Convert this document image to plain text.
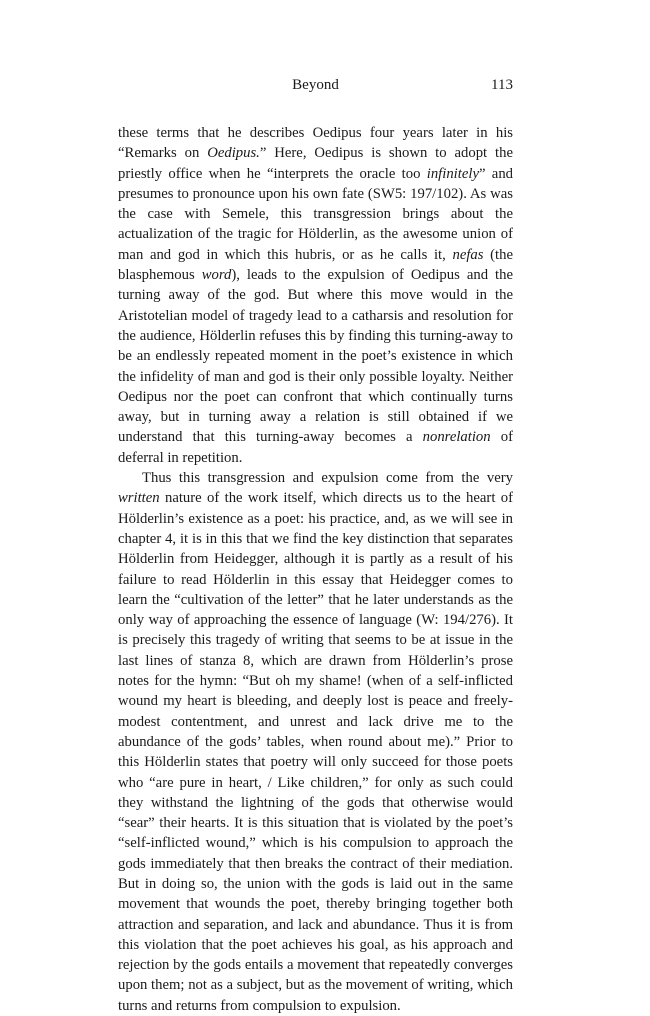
Beyond	113

these terms that he describes Oedipus four years later in his “Remarks on Oedipus.” Here, Oedipus is shown to adopt the priestly office when he “interprets the oracle too infinitely” and presumes to pronounce upon his own fate (SW5: 197/102). As was the case with Semele, this transgression brings about the actualization of the tragic for Hölderlin, as the awesome union of man and god in which this hubris, or as he calls it, nefas (the blasphemous word), leads to the expulsion of Oedipus and the turning away of the god. But where this move would in the Aristotelian model of tragedy lead to a catharsis and resolution for the audience, Hölderlin refuses this by finding this turning-away to be an endlessly repeated moment in the poet’s existence in which the infidelity of man and god is their only possible loyalty. Neither Oedipus nor the poet can confront that which continually turns away, but in turning away a relation is still obtained if we understand that this turning-away becomes a nonrelation of deferral in repetition.

Thus this transgression and expulsion come from the very written nature of the work itself, which directs us to the heart of Hölderlin’s existence as a poet: his practice, and, as we will see in chapter 4, it is in this that we find the key distinction that separates Hölderlin from Heidegger, although it is partly as a result of his failure to read Hölderlin in this essay that Heidegger comes to learn the “cultivation of the letter” that he later understands as the only way of approaching the essence of language (W: 194/276). It is precisely this tragedy of writing that seems to be at issue in the last lines of stanza 8, which are drawn from Hölderlin’s prose notes for the hymn: “But oh my shame! (when of a self-inflicted wound my heart is bleeding, and deeply lost is peace and freely-modest contentment, and unrest and lack drive me to the abundance of the gods’ tables, when round about me).” Prior to this Hölderlin states that poetry will only succeed for those poets who “are pure in heart, / Like children,” for only as such could they withstand the lightning of the gods that otherwise would “sear” their hearts. It is this situation that is violated by the poet’s “self-inflicted wound,” which is his compulsion to approach the gods immediately that then breaks the contract of their mediation. But in doing so, the union with the gods is laid out in the same movement that wounds the poet, thereby bringing together both attraction and separation, and lack and abundance. Thus it is from this violation that the poet achieves his goal, as his approach and rejection by the gods entails a movement that repeatedly converges upon them; not as a subject, but as the movement of writing, which turns and returns from compulsion to expulsion.
